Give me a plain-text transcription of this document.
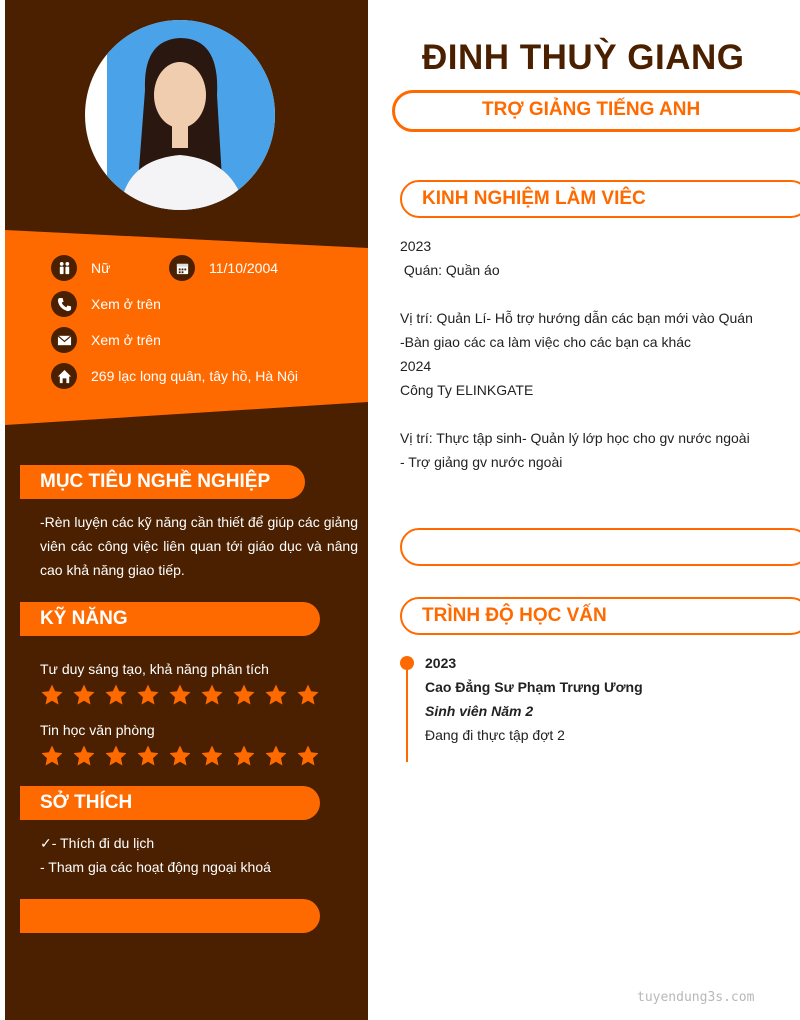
Nữ	11/10/2004
Xem ở trên
Xem ở trên
269 lạc long quân, tây hồ, Hà Nội
MỤC TIÊU NGHỀ NGHIỆP
-Rèn luyện các kỹ năng cần thiết để giúp các giảng viên các công việc liên quan tới giáo dục và nâng cao khả năng giao tiếp.
KỸ NĂNG
Tư duy sáng tạo, khả năng phân tích
Tin học văn phòng
SỞ THÍCH
✓- Thích đi du lịch
- Tham gia các hoạt động ngoại khoá
ĐINH THUỲ GIANG
TRỢ GIẢNG TIẾNG ANH
KINH NGHIỆM LÀM VIÊC
2023
Quán: Quần áo
Vị trí: Quản Lí- Hỗ trợ hướng dẫn các bạn mới vào Quán
-Bàn giao các ca làm việc cho các bạn ca khác
2024
Công Ty ELINKGATE
Vị trí: Thực tập sinh- Quản lý lớp học cho gv nước ngoài
- Trợ giảng gv nước ngoài
TRÌNH ĐỘ HỌC VẤN
2023
Cao Đẳng Sư Phạm Trưng Ương
Sinh viên Năm 2
Đang đi thực tập đợt 2
tuyendung3s.com
